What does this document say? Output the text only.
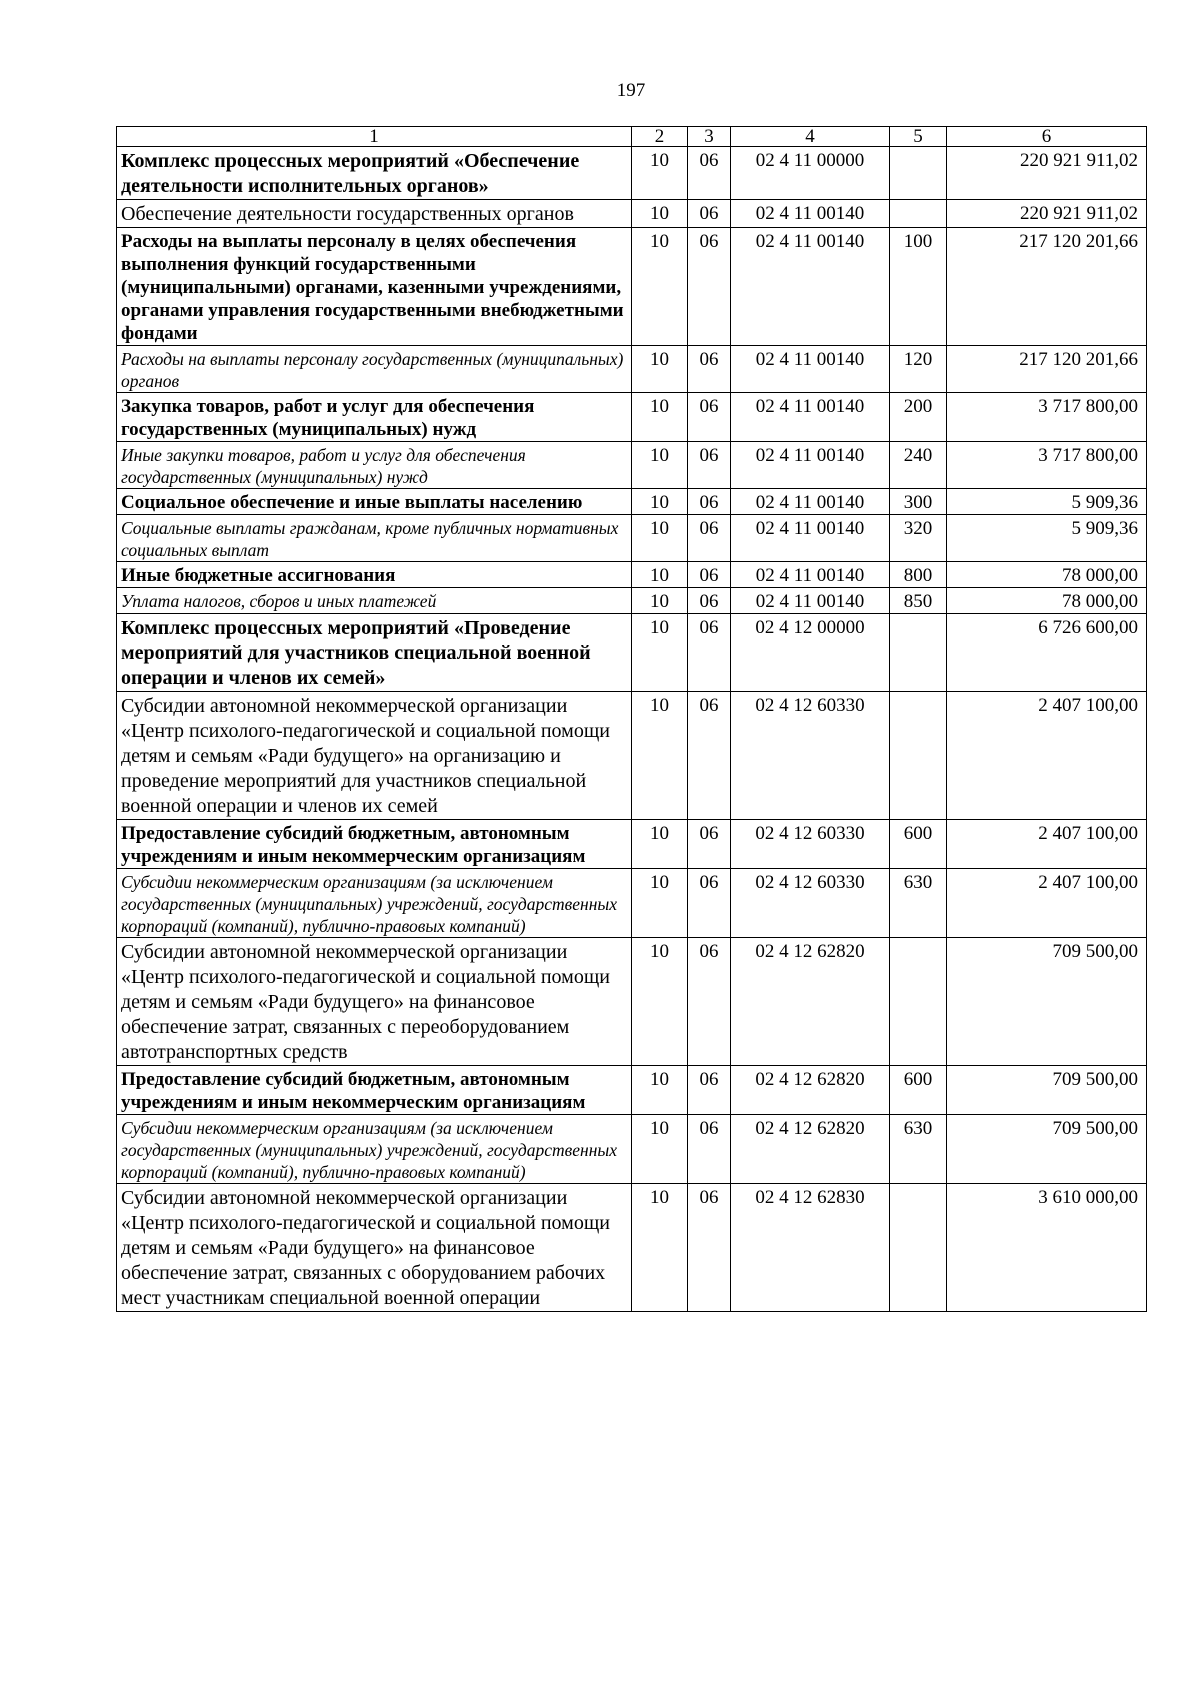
197
1	2	3	4	5	6
Комплекс процессных мероприятий «Обеспечение деятельности исполнительных органов»	10	06	02 4 11 00000		220 921 911,02
Обеспечение деятельности государственных органов	10	06	02 4 11 00140		220 921 911,02
Расходы на выплаты персоналу в целях обеспечения выполнения функций государственными (муниципальными) органами, казенными учреждениями, органами управления государственными внебюджетными фондами	10	06	02 4 11 00140	100	217 120 201,66
Расходы на выплаты персоналу государственных (муниципальных) органов	10	06	02 4 11 00140	120	217 120 201,66
Закупка товаров, работ и услуг для обеспечения государственных (муниципальных) нужд	10	06	02 4 11 00140	200	3 717 800,00
Иные закупки товаров, работ и услуг для обеспечения государственных (муниципальных) нужд	10	06	02 4 11 00140	240	3 717 800,00
Социальное обеспечение и иные выплаты населению	10	06	02 4 11 00140	300	5 909,36
Социальные выплаты гражданам, кроме публичных нормативных социальных выплат	10	06	02 4 11 00140	320	5 909,36
Иные бюджетные ассигнования	10	06	02 4 11 00140	800	78 000,00
Уплата налогов, сборов и иных платежей	10	06	02 4 11 00140	850	78 000,00
Комплекс процессных мероприятий «Проведение мероприятий для участников специальной военной операции и членов их семей»	10	06	02 4 12 00000		6 726 600,00
Субсидии автономной некоммерческой организации «Центр психолого-педагогической и социальной помощи детям и семьям «Ради будущего» на организацию и проведение мероприятий для участников специальной военной операции и членов их семей	10	06	02 4 12 60330		2 407 100,00
Предоставление субсидий бюджетным, автономным учреждениям и иным некоммерческим организациям	10	06	02 4 12 60330	600	2 407 100,00
Субсидии некоммерческим организациям (за исключением государственных (муниципальных) учреждений, государственных корпораций (компаний), публично-правовых компаний)	10	06	02 4 12 60330	630	2 407 100,00
Субсидии автономной некоммерческой организации «Центр психолого-педагогической и социальной помощи детям и семьям «Ради будущего» на финансовое обеспечение затрат, связанных с переоборудованием автотранспортных средств	10	06	02 4 12 62820		709 500,00
Предоставление субсидий бюджетным, автономным учреждениям и иным некоммерческим организациям	10	06	02 4 12 62820	600	709 500,00
Субсидии некоммерческим организациям (за исключением государственных (муниципальных) учреждений, государственных корпораций (компаний), публично-правовых компаний)	10	06	02 4 12 62820	630	709 500,00
Субсидии автономной некоммерческой организации «Центр психолого-педагогической и социальной помощи детям и семьям «Ради будущего» на финансовое обеспечение затрат, связанных с оборудованием рабочих мест участникам специальной военной операции	10	06	02 4 12 62830		3 610 000,00
